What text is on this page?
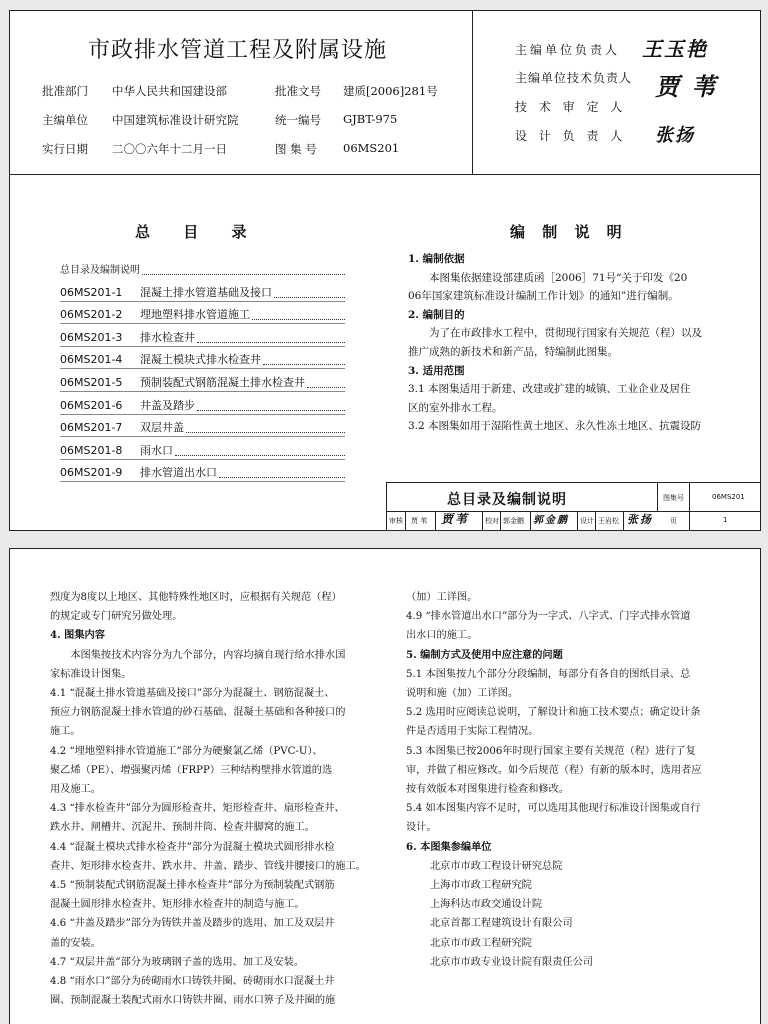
市政排水管道工程及附属设施
批准部门 中华人民共和国建设部	批准文号 建质[2006]281号
主编单位 中国建筑标准设计研究院	统一编号 GJBT-975
实行日期 二〇〇六年十二月一日	图 集 号 06MS201
主编单位负责人 王玉艳
主编单位技术负责人 贾 苇
技 术 审 定 人
设 计 负 责 人 张扬
总 目 录
总目录及编制说明
06MS201-1 混凝土排水管道基础及接口
06MS201-2 埋地塑料排水管道施工
06MS201-3 排水检查井
06MS201-4 混凝土模块式排水检查井
06MS201-5 预制装配式钢筋混凝土排水检查井
06MS201-6 井盖及踏步
06MS201-7 双层井盖
06MS201-8 雨水口
06MS201-9 排水管道出水口
编 制 说 明
1. 编制依据
　　本图集依据建设部建质函［2006］71号“关于印发《20
06年国家建筑标准设计编制工作计划》的通知”进行编制。
2. 编制目的
　　为了在市政排水工程中，贯彻现行国家有关规范（程）以及
推广成熟的新技术和新产品，特编制此图集。
3. 适用范围
3.1 本图集适用于新建、改建或扩建的城镇、工业企业及居住
区的室外排水工程。
3.2 本图集如用于湿陷性黄土地区、永久性冻土地区、抗震设防
总目录及编制说明	图集号	06MS201
审核 贾 苇 贾苇 校对 郭金鹏 郭金鹏 设计 王岩松 张扬 页	1
烈度为8度以上地区、其他特殊性地区时，应根据有关规范（程）
的规定或专门研究另做处理。
4. 图集内容
　　本图集按技术内容分为九个部分，内容均摘自现行给水排水国
家标准设计图集。
4.1 “混凝土排水管道基础及接口”部分为混凝土、钢筋混凝土、
预应力钢筋混凝土排水管道的砂石基础、混凝土基础和各种接口的
施工。
4.2 “埋地塑料排水管道施工”部分为硬聚氯乙烯（PVC-U）、
聚乙烯（PE）、增强聚丙烯（FRPP）三种结构壁排水管道的选
用及施工。
4.3 “排水检查井”部分为圆形检查井、矩形检查井、扇形检查井、
跌水井、闸槽井、沉泥井、预制井筒、检查井脚窝的施工。
4.4 “混凝土模块式排水检查井”部分为混凝土模块式圆形排水检
查井、矩形排水检查井、跌水井、井盖、踏步、管线井腰接口的施工。
4.5 “预制装配式钢筋混凝土排水检查井”部分为预制装配式钢筋
混凝土圆形排水检查井、矩形排水检查井的制造与施工。
4.6 “井盖及踏步”部分为铸铁井盖及踏步的选用、加工及双层井
盖的安装。
4.7 “双层井盖”部分为玻璃钢子盖的选用、加工及安装。
4.8 “雨水口”部分为砖砌雨水口铸铁井圈、砖砌雨水口混凝土井
圈、预制混凝土装配式雨水口铸铁井圈、雨水口箅子及井圈的施
（加）工详图。
4.9 “排水管道出水口”部分为一字式、八字式、门字式排水管道
出水口的施工。
5. 编制方式及使用中应注意的问题
5.1 本图集按九个部分分段编制，每部分有各自的图纸目录、总
说明和施（加）工详图。
5.2 选用时应阅读总说明，了解设计和施工技术要点；确定设计条
件是否适用于实际工程情况。
5.3 本图集已按2006年时现行国家主要有关规范（程）进行了复
审，并做了相应修改。如今后规范（程）有新的版本时，选用者应
按有效版本对图集进行检查和修改。
5.4 如本图集内容不足时，可以选用其他现行标准设计图集或自行
设计。
6. 本图集参编单位
北京市市政工程设计研究总院
上海市市政工程研究院
上海科达市政交通设计院
北京首都工程建筑设计有限公司
北京市市政工程研究院
北京市市政专业设计院有限责任公司
